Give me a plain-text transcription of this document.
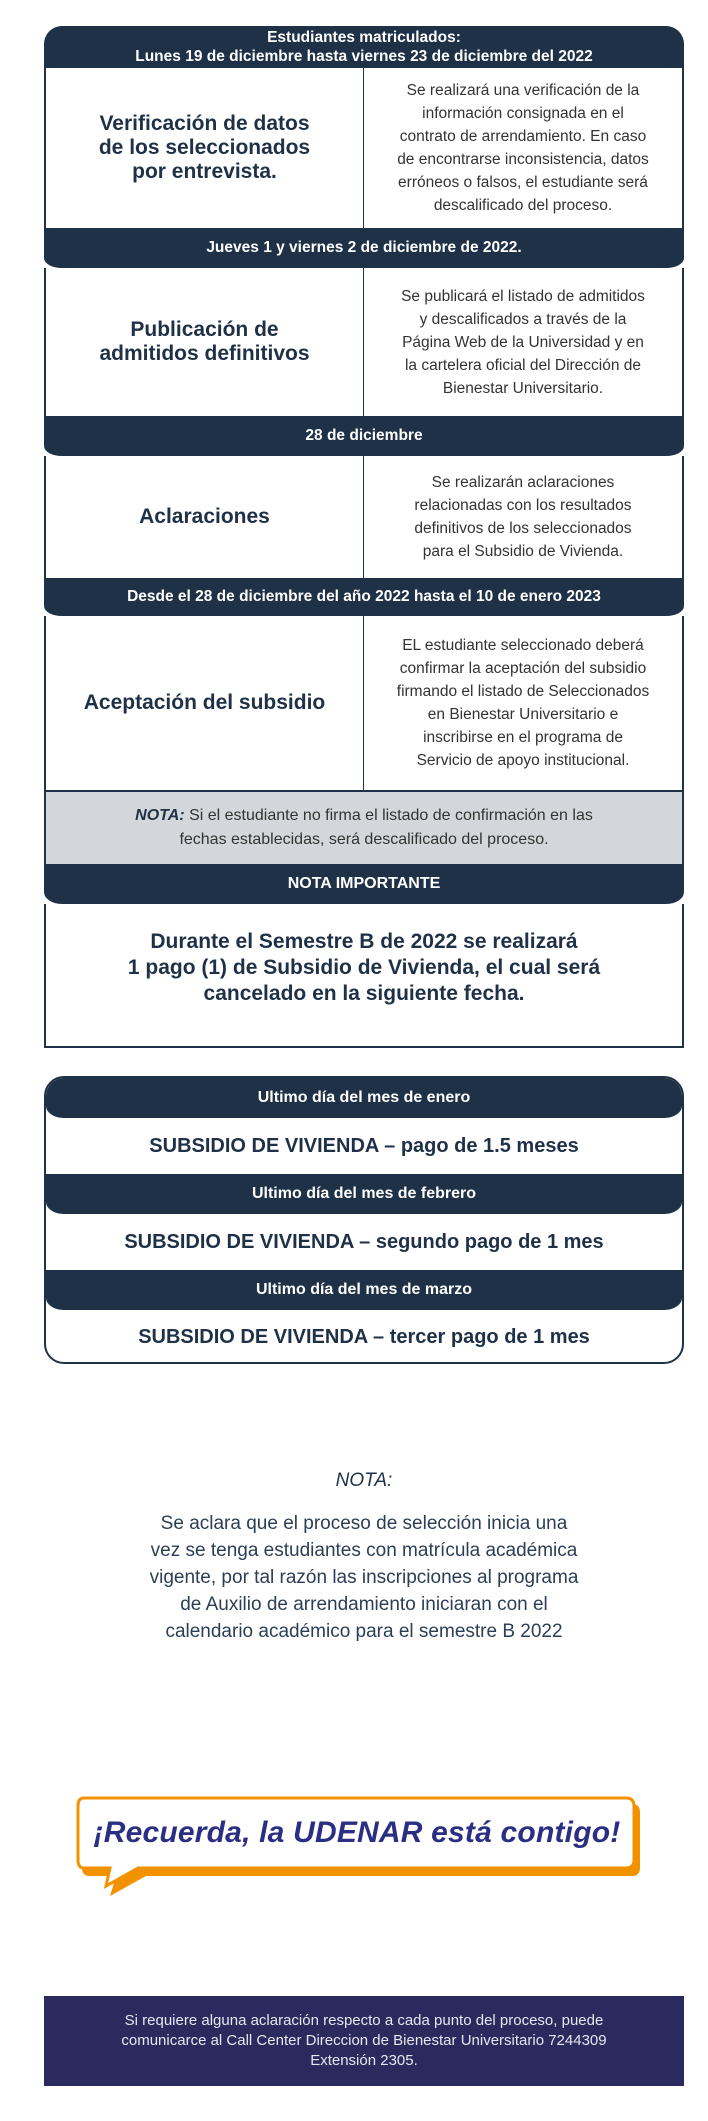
Estudiantes matriculados:
Lunes 19 de diciembre hasta viernes 23 de diciembre del 2022
Verificación de datos
de los seleccionados
por entrevista.
Se realizará una verificación de la
información consignada en el
contrato de arrendamiento. En caso
de encontrarse inconsistencia, datos
erróneos o falsos, el estudiante será
descalificado del proceso.
Jueves 1 y viernes 2 de diciembre de 2022.
Publicación de
admitidos definitivos
Se publicará el listado de admitidos
y descalificados a través de la
Página Web de la Universidad y en
la cartelera oficial del Dirección de
Bienestar Universitario.
28 de diciembre
Aclaraciones
Se realizarán aclaraciones
relacionadas con los resultados
definitivos de los seleccionados
para el Subsidio de Vivienda.
Desde el 28 de diciembre del año 2022 hasta el 10 de enero 2023
Aceptación del subsidio
EL estudiante seleccionado deberá
confirmar la aceptación del subsidio
firmando el listado de Seleccionados
en Bienestar Universitario e
inscribirse en el programa de
Servicio de apoyo institucional.
NOTA: Si el estudiante no firma el listado de confirmación en las
fechas establecidas, será descalificado del proceso.
NOTA IMPORTANTE
Durante el Semestre B de 2022 se realizará
1 pago (1) de Subsidio de Vivienda, el cual será
cancelado en la siguiente fecha.
Ultimo día del mes de enero
SUBSIDIO DE VIVIENDA – pago de 1.5 meses
Ultimo día del mes de febrero
SUBSIDIO DE VIVIENDA – segundo pago de 1 mes
Ultimo día del mes de marzo
SUBSIDIO DE VIVIENDA – tercer pago de 1 mes
NOTA:
Se aclara que el proceso de selección inicia una
vez se tenga estudiantes con matrícula académica
vigente, por tal razón las inscripciones al programa
de Auxilio de arrendamiento iniciaran con el
calendario académico para el semestre B 2022
¡Recuerda, la UDENAR está contigo!
Si requiere alguna aclaración respecto a cada punto del proceso, puede
comunicarce al Call Center Direccion de Bienestar Universitario 7244309
Extensión 2305.
